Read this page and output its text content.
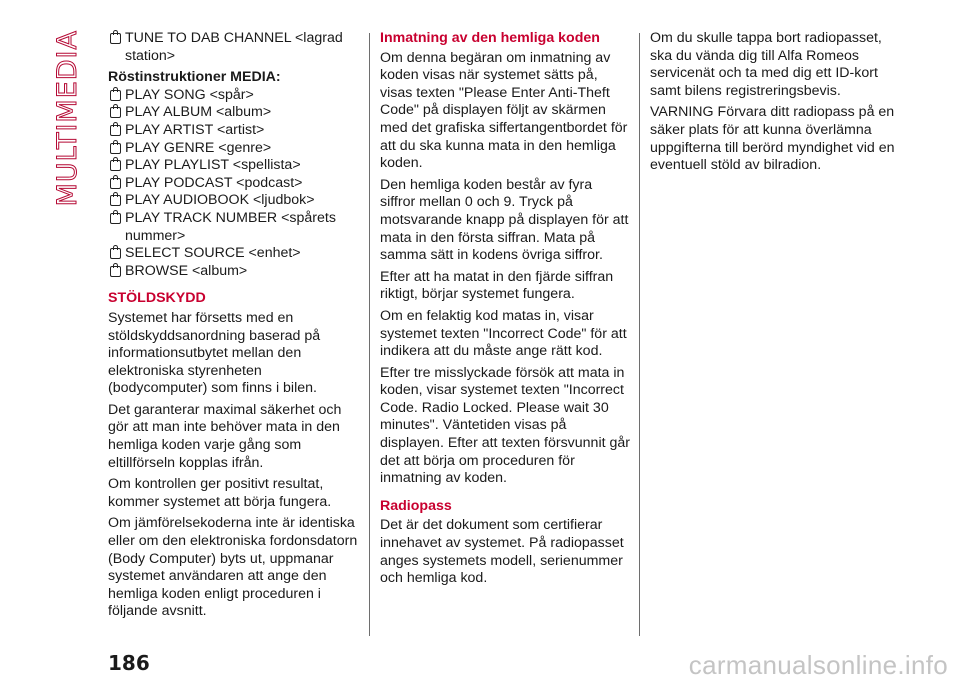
MULTIMEDIA	TUNE TO DAB CHANNEL <lagrad station>
Röstinstruktioner MEDIA:
PLAY SONG <spår>
PLAY ALBUM <album>
PLAY ARTIST <artist>
PLAY GENRE <genre>
PLAY PLAYLIST <spellista>
PLAY PODCAST <podcast>
PLAY AUDIOBOOK <ljudbok>
PLAY TRACK NUMBER <spårets nummer>
SELECT SOURCE <enhet>
BROWSE <album>
STÖLDSKYDD

Systemet har försetts med en stöldskyddsanordning baserad på informationsutbytet mellan den elektroniska styrenheten (bodycomputer) som finns i bilen.

Det garanterar maximal säkerhet och gör att man inte behöver mata in den hemliga koden varje gång som eltillförseln kopplas ifrån.

Om kontrollen ger positivt resultat, kommer systemet att börja fungera.

Om jämförelsekoderna inte är identiska eller om den elektroniska fordonsdatorn (Body Computer) byts ut, uppmanar systemet användaren att ange den hemliga koden enligt proceduren i följande avsnitt.

Inmatning av den hemliga koden

Om denna begäran om inmatning av koden visas när systemet sätts på, visas texten "Please Enter Anti-Theft Code" på displayen följt av skärmen med det grafiska siffertangentbordet för att du ska kunna mata in den hemliga koden.

Den hemliga koden består av fyra siffror mellan 0 och 9. Tryck på motsvarande knapp på displayen för att mata in den första siffran. Mata på samma sätt in kodens övriga siffror.

Efter att ha matat in den fjärde siffran riktigt, börjar systemet fungera.

Om en felaktig kod matas in, visar systemet texten "Incorrect Code" för att indikera att du måste ange rätt kod.

Efter tre misslyckade försök att mata in koden, visar systemet texten "Incorrect Code. Radio Locked. Please wait 30 minutes". Väntetiden visas på displayen. Efter att texten försvunnit går det att börja om proceduren för inmatning av koden.

Radiopass

Det är det dokument som certifierar innehavet av systemet. På radiopasset anges systemets modell, serienummer och hemliga kod.

Om du skulle tappa bort radiopasset, ska du vända dig till Alfa Romeos servicenät och ta med dig ett ID-kort samt bilens registreringsbevis.

VARNING Förvara ditt radiopass på en säker plats för att kunna överlämna uppgifterna till berörd myndighet vid en eventuell stöld av bilradion.

186	carmanualsonline.info
